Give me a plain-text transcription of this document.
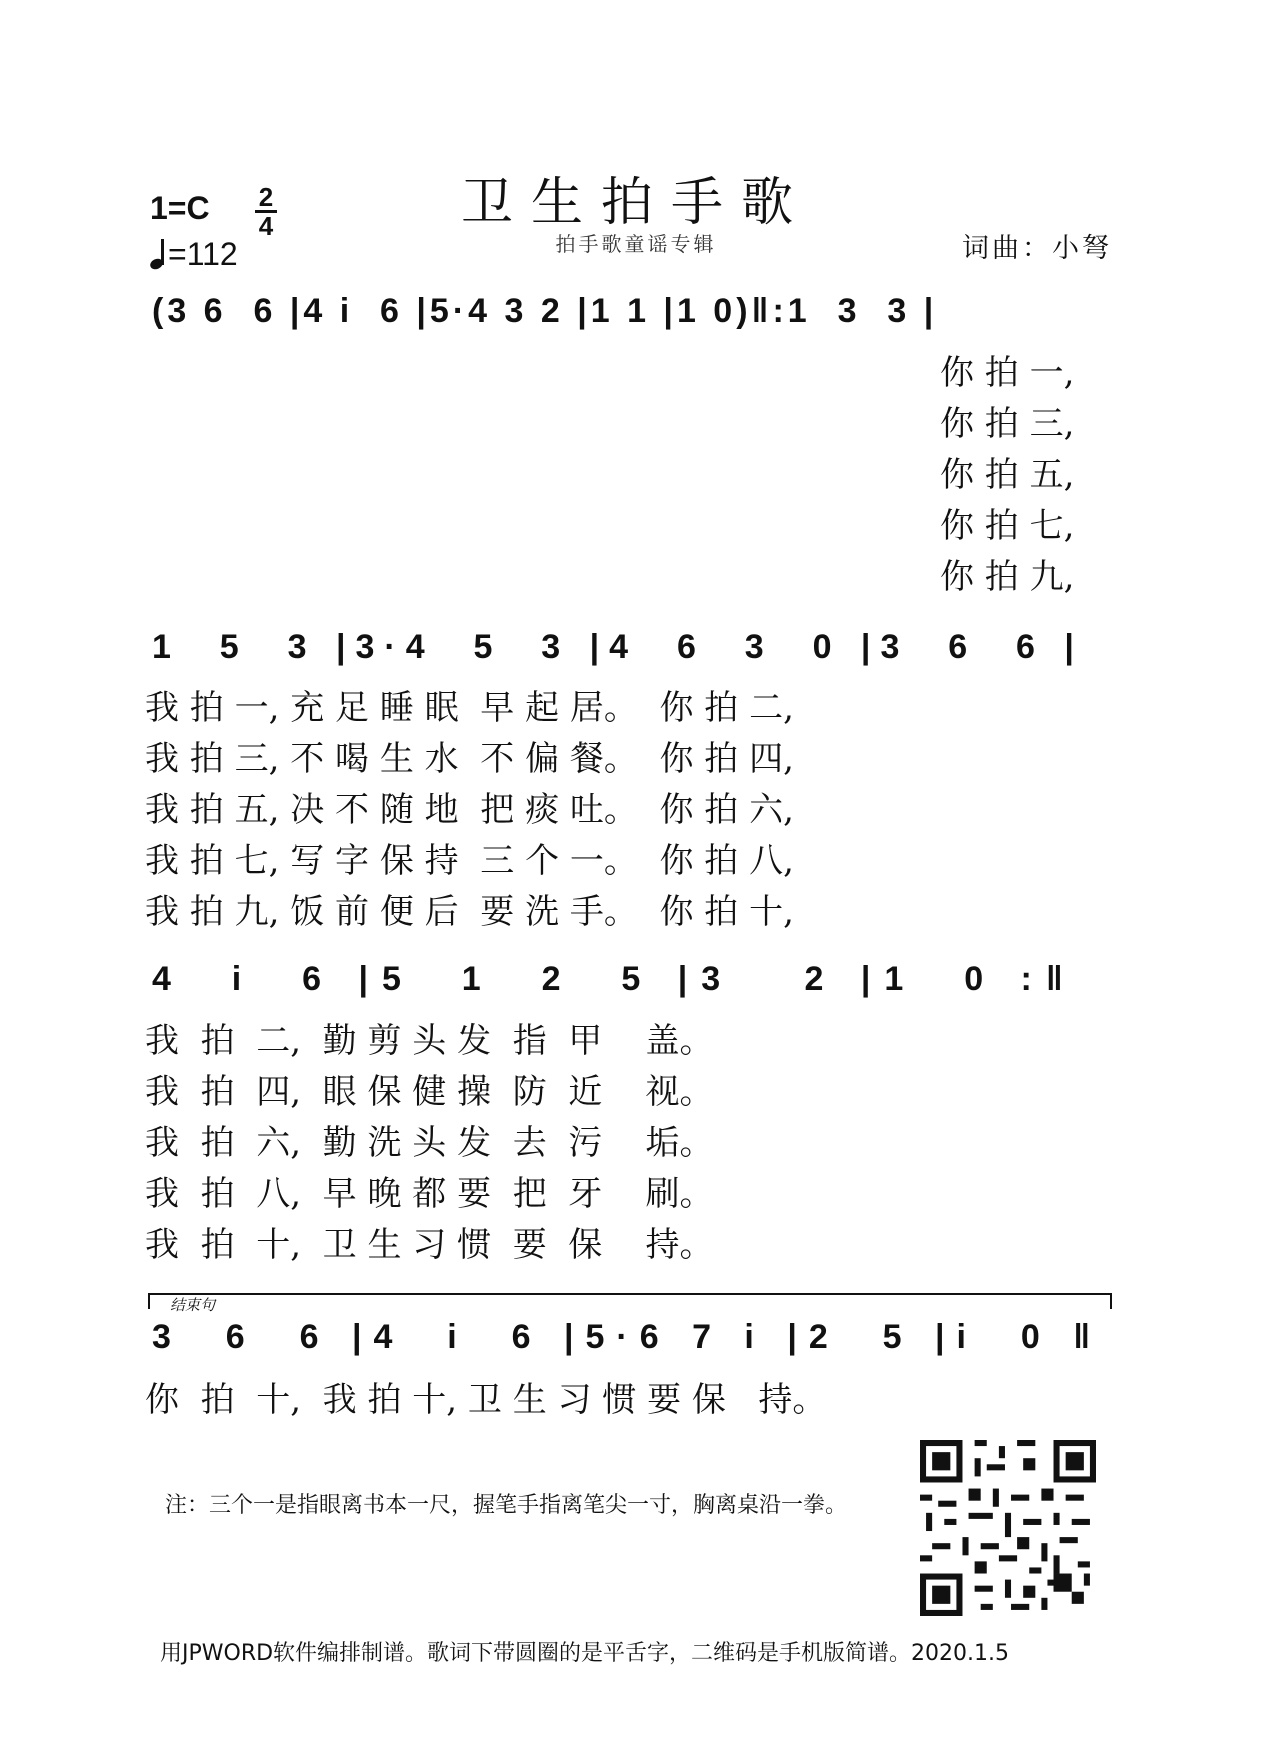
卫生拍手歌
拍手歌童谣专辑
1=C 2
4
=112	词曲：小弩
(3 6  6 |4 i  6 |5·4 3 2 |1 1 |1 0)‖:1  3  3 |
你 拍 一,
你 拍 三,
你 拍 五,
你 拍 七,
你 拍 九,
1  5  3 |3·4  5  3 |4  6  3  0 |3  6  6 |
我 拍 一, 充 足 睡 眠  早 起 居。  你 拍 二,
我 拍 三, 不 喝 生 水  不 偏 餐。  你 拍 四,
我 拍 五, 决 不 随 地  把 痰 吐。  你 拍 六,
我 拍 七, 写 字 保 持  三 个 一。  你 拍 八,
我 拍 九, 饭 前 便 后  要 洗 手。  你 拍 十,
4  i  6 |5  1  2  5 |3   2 |1  0 :‖
我  拍  二,  勤 剪 头 发  指  甲    盖。
我  拍  四,  眼 保 健 操  防  近    视。
我  拍  六,  勤 洗 头 发  去  污    垢。
我  拍  八,  早 晚 都 要  把  牙    刷。
我  拍  十,  卫 生 习 惯  要  保    持。
结束句
3  6  6 |4  i  6 |5·6 7 i |2  5 |i  0 ‖
你  拍  十,  我 拍 十, 卫 生 习 惯 要 保   持。
注：三个一是指眼离书本一尺，握笔手指离笔尖一寸，胸离桌沿一拳。
用JPWORD软件编排制谱。歌词下带圆圈的是平舌字，二维码是手机版简谱。2020.1.5
